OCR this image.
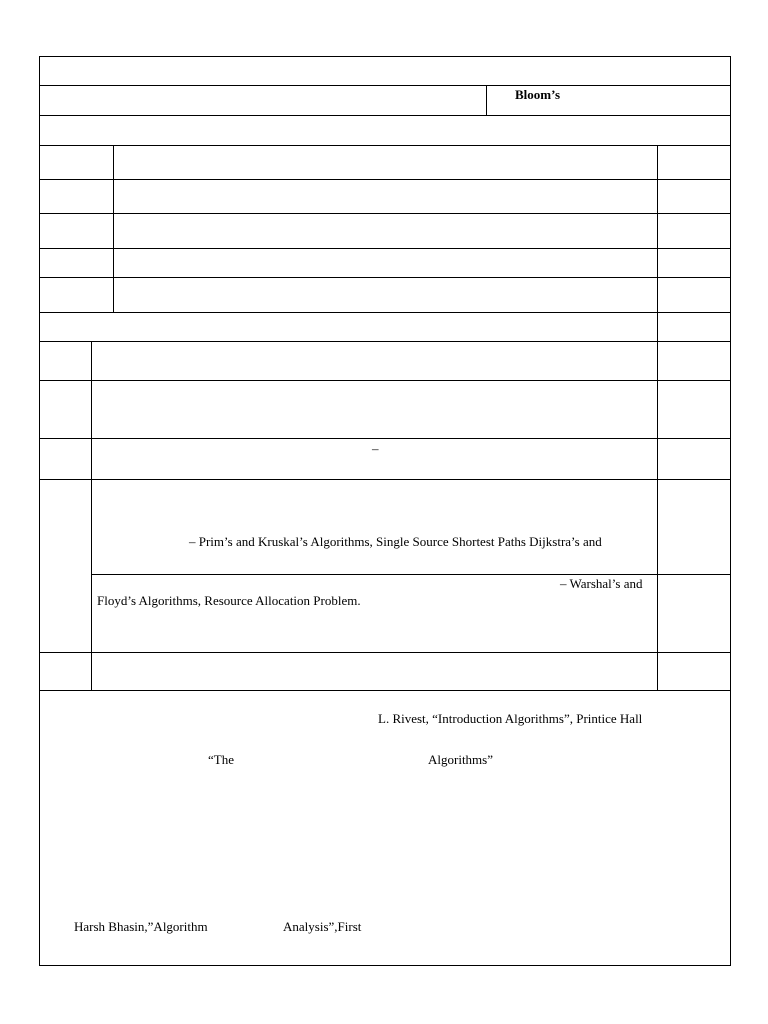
Bloom’s
–
– Prim’s and Kruskal’s Algorithms, Single Source Shortest Paths Dijkstra’s and
– Warshal’s and
Floyd’s Algorithms, Resource Allocation Problem.
L. Rivest, “Introduction Algorithms”, Printice Hall
“The	Algorithms”
Harsh Bhasin,”Algorithm	Analysis”,First
